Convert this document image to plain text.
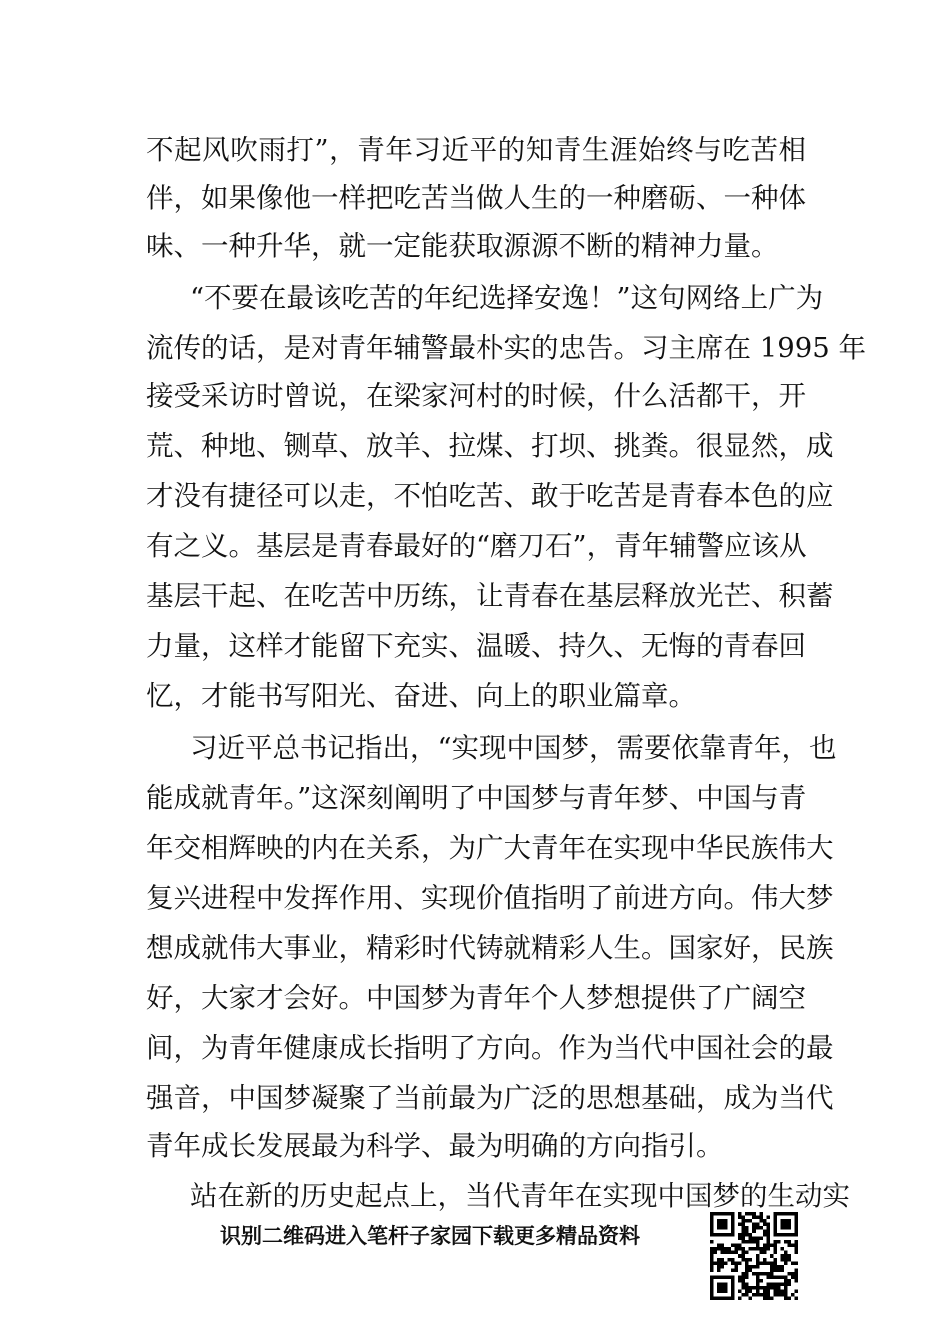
不起风吹雨打”，青年习近平的知青生涯始终与吃苦相
伴，如果像他一样把吃苦当做人生的一种磨砺、一种体
味、一种升华，就一定能获取源源不断的精神力量。
“不要在最该吃苦的年纪选择安逸！”这句网络上广为
流传的话，是对青年辅警最朴实的忠告。习主席在 1995 年
接受采访时曾说，在梁家河村的时候，什么活都干，开
荒、种地、铡草、放羊、拉煤、打坝、挑粪。很显然，成
才没有捷径可以走，不怕吃苦、敢于吃苦是青春本色的应
有之义。基层是青春最好的“磨刀石”，青年辅警应该从
基层干起、在吃苦中历练，让青春在基层释放光芒、积蓄
力量，这样才能留下充实、温暖、持久、无悔的青春回
忆，才能书写阳光、奋进、向上的职业篇章。
习近平总书记指出，“实现中国梦，需要依靠青年，也
能成就青年。”这深刻阐明了中国梦与青年梦、中国与青
年交相辉映的内在关系，为广大青年在实现中华民族伟大
复兴进程中发挥作用、实现价值指明了前进方向。伟大梦
想成就伟大事业，精彩时代铸就精彩人生。国家好，民族
好，大家才会好。中国梦为青年个人梦想提供了广阔空
间，为青年健康成长指明了方向。作为当代中国社会的最
强音，中国梦凝聚了当前最为广泛的思想基础，成为当代
青年成长发展最为科学、最为明确的方向指引。
站在新的历史起点上，当代青年在实现中国梦的生动实
识别二维码进入笔杆子家园下载更多精品资料
